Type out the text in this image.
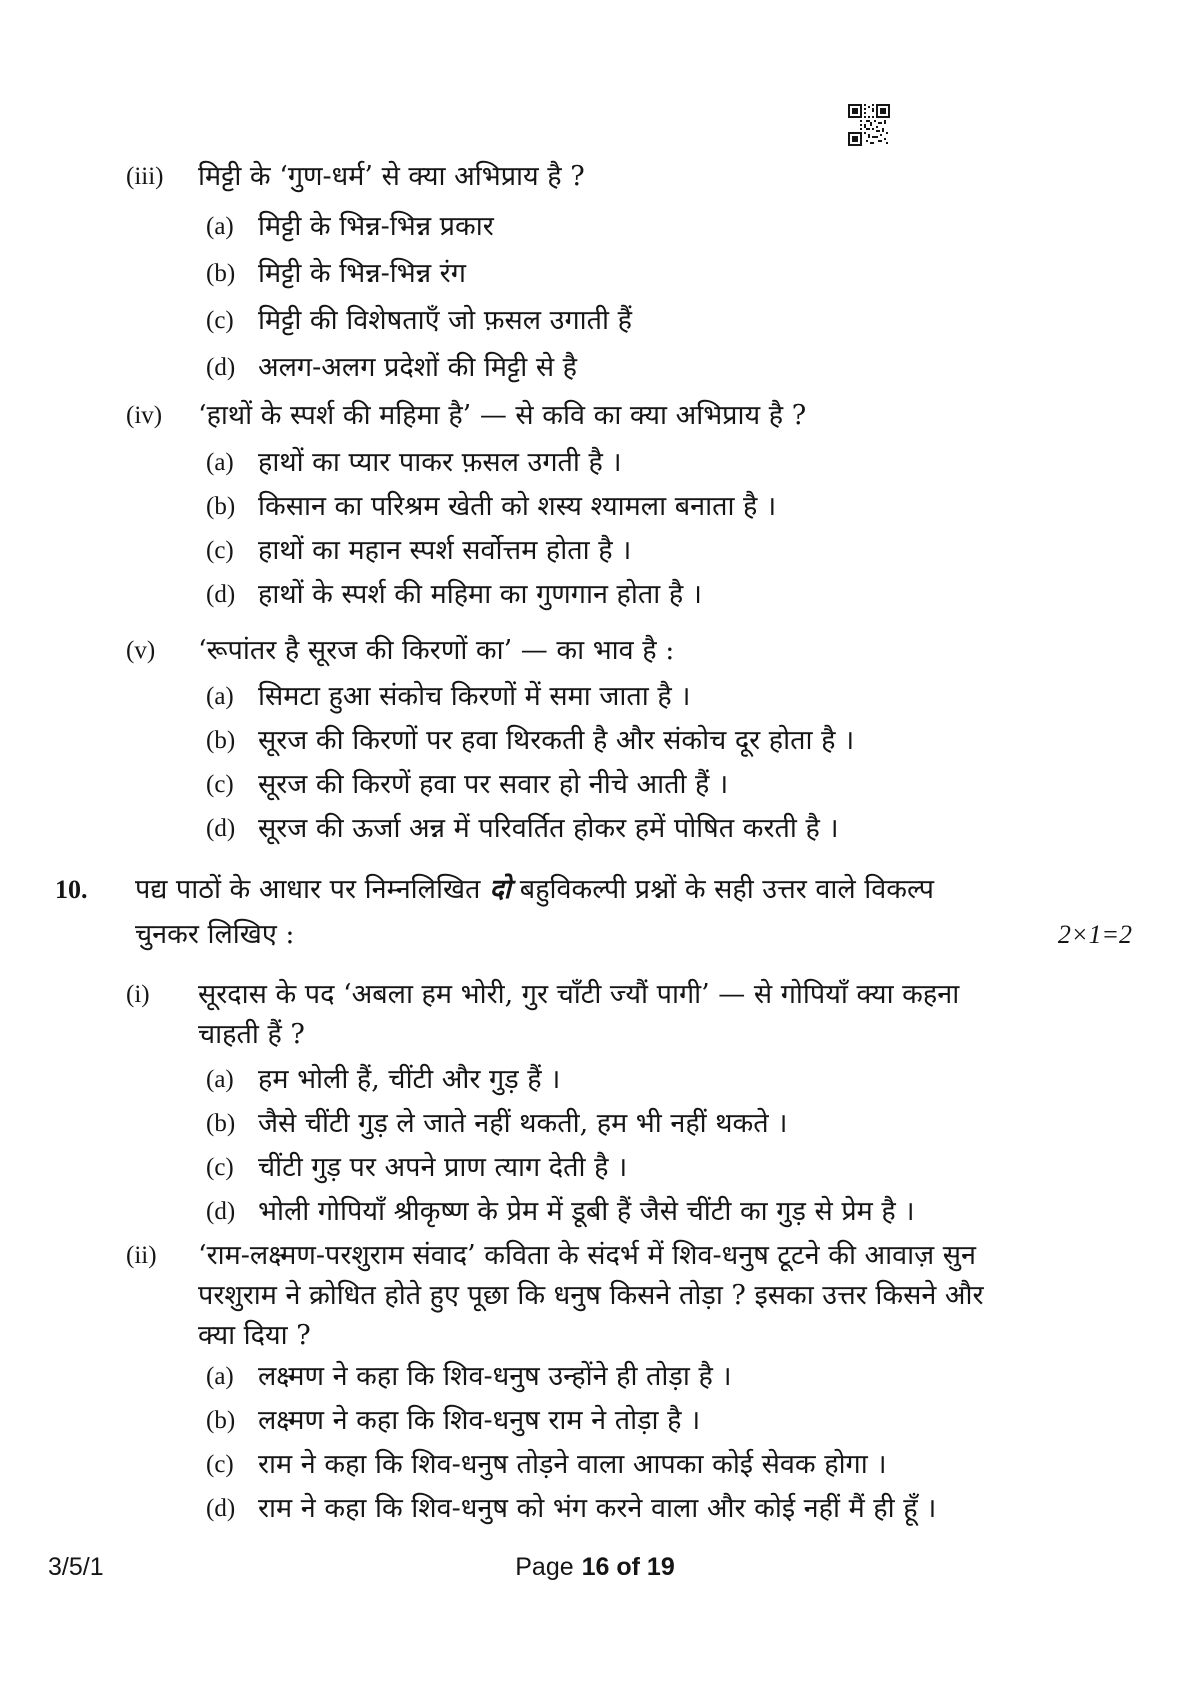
(iii)	मिट्टी के ‘गुण-धर्म’ से क्या अभिप्राय है ?
(a) मिट्टी के भिन्न-भिन्न प्रकार
(b) मिट्टी के भिन्न-भिन्न रंग
(c) मिट्टी की विशेषताएँ जो फ़सल उगाती हैं
(d) अलग-अलग प्रदेशों की मिट्टी से है
(iv)	‘हाथों के स्पर्श की महिमा है’ — से कवि का क्या अभिप्राय है ?
(a) हाथों का प्यार पाकर फ़सल उगती है ।
(b) किसान का परिश्रम खेती को शस्य श्यामला बनाता है ।
(c) हाथों का महान स्पर्श सर्वोत्तम होता है ।
(d) हाथों के स्पर्श की महिमा का गुणगान होता है ।
(v)	‘रूपांतर है सूरज की किरणों का’ — का भाव है :
(a) सिमटा हुआ संकोच किरणों में समा जाता है ।
(b) सूरज की किरणों पर हवा थिरकती है और संकोच दूर होता है ।
(c) सूरज की किरणें हवा पर सवार हो नीचे आती हैं ।
(d) सूरज की ऊर्जा अन्न में परिवर्तित होकर हमें पोषित करती है ।
10.	पद्य पाठों के आधार पर निम्नलिखित दो बहुविकल्पी प्रश्नों के सही उत्तर वाले विकल्प
चुनकर लिखिए :	2×1=2
(i)	सूरदास के पद ‘अबला हम भोरी, गुर चाँटी ज्यौं पागी’ — से गोपियाँ क्या कहना
चाहती हैं ?
(a) हम भोली हैं, चींटी और गुड़ हैं ।
(b) जैसे चींटी गुड़ ले जाते नहीं थकती, हम भी नहीं थकते ।
(c) चींटी गुड़ पर अपने प्राण त्याग देती है ।
(d) भोली गोपियाँ श्रीकृष्ण के प्रेम में डूबी हैं जैसे चींटी का गुड़ से प्रेम है ।
(ii)	‘राम-लक्ष्मण-परशुराम संवाद’ कविता के संदर्भ में शिव-धनुष टूटने की आवाज़ सुन
परशुराम ने क्रोधित होते हुए पूछा कि धनुष किसने तोड़ा ? इसका उत्तर किसने और
क्या दिया ?
(a) लक्ष्मण ने कहा कि शिव-धनुष उन्होंने ही तोड़ा है ।
(b) लक्ष्मण ने कहा कि शिव-धनुष राम ने तोड़ा है ।
(c) राम ने कहा कि शिव-धनुष तोड़ने वाला आपका कोई सेवक होगा ।
(d) राम ने कहा कि शिव-धनुष को भंग करने वाला और कोई नहीं मैं ही हूँ ।
3/5/1	Page 16 of 19
